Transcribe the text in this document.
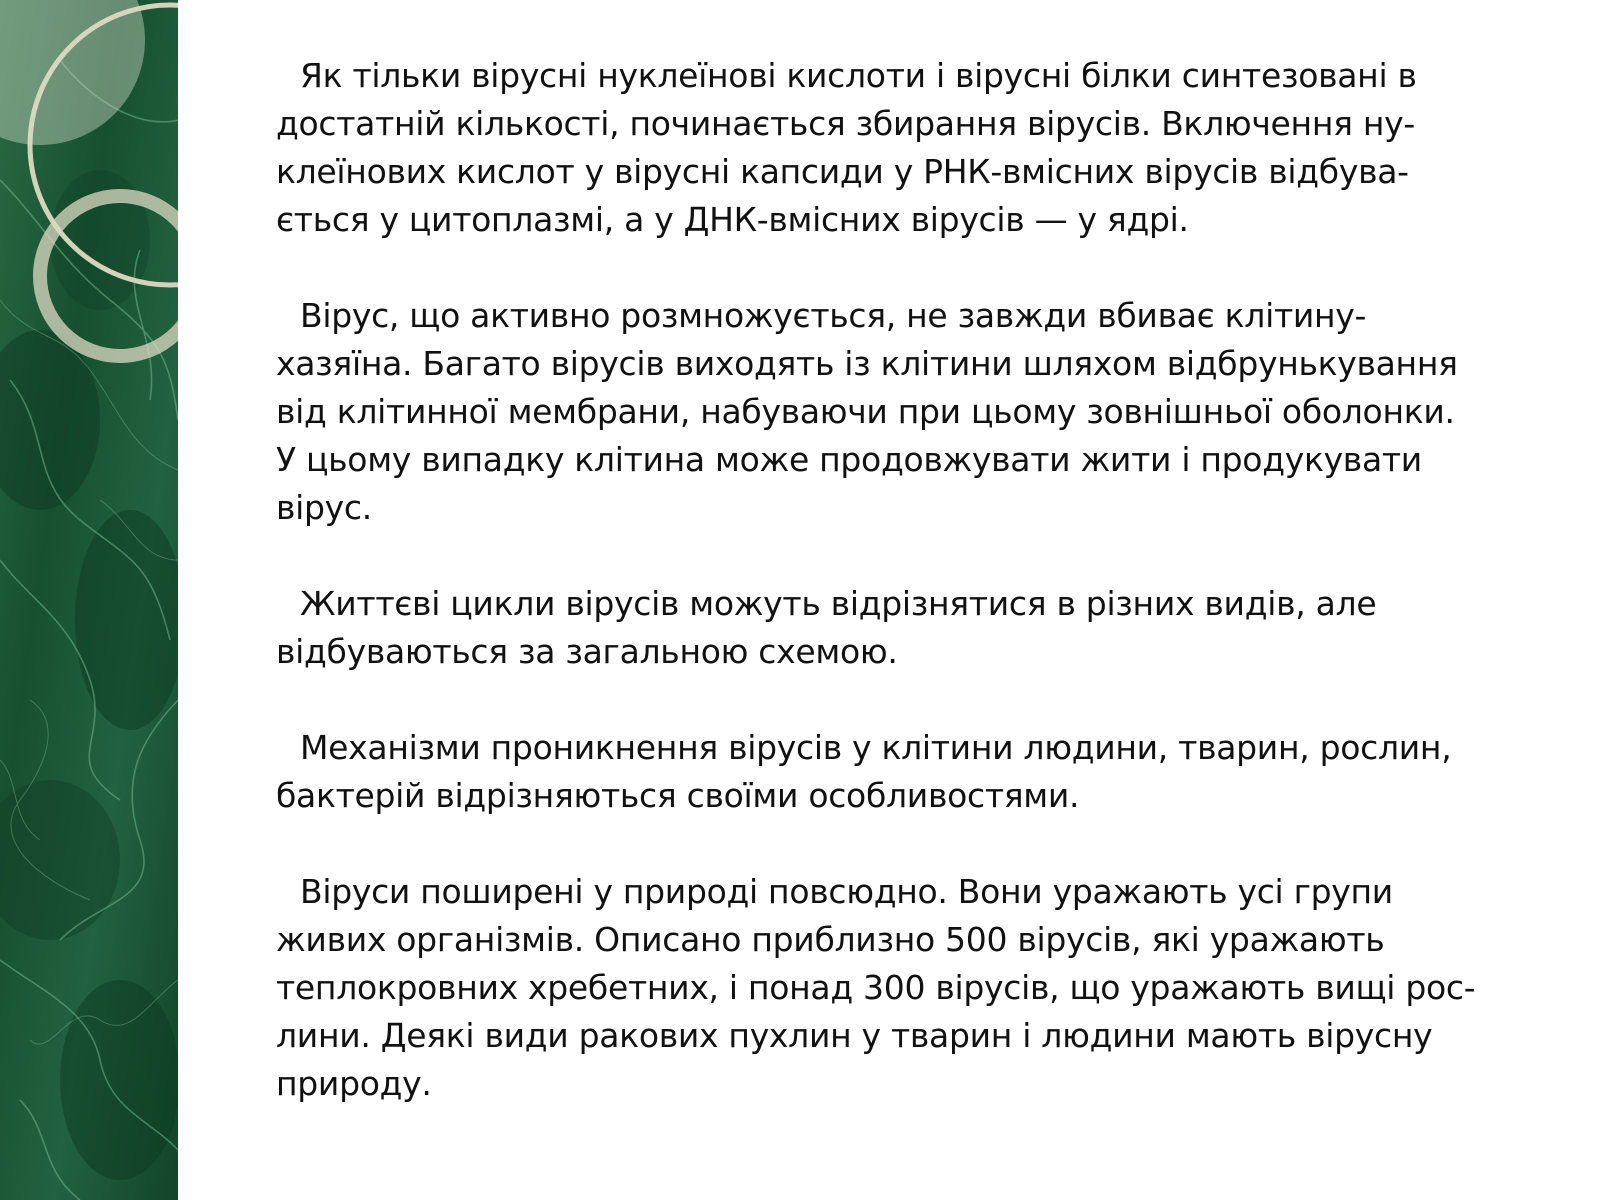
Як тільки вірусні нуклеїнові кислоти і вірусні білки синтезовані в
достатній кількості, починається збирання вірусів. Включення ну-
клеїнових кислот у вірусні капсиди у РНК-вмісних вірусів відбува-
ється у цитоплазмі, а у ДНК-вмісних вірусів — у ядрі.

Вірус, що активно розмножується, не завжди вбиває клітину-
хазяїна. Багато вірусів виходять із клітини шляхом відбрунькування
від клітинної мембрани, набуваючи при цьому зовнішньої оболонки.
У цьому випадку клітина може продовжувати жити і продукувати
вірус.

Життєві цикли вірусів можуть відрізнятися в різних видів, але
відбуваються за загальною схемою.

Механізми проникнення вірусів у клітини людини, тварин, рослин,
бактерій відрізняються своїми особливостями.

Віруси поширені у природі повсюдно. Вони уражають усі групи
живих організмів. Описано приблизно 500 вірусів, які уражають
теплокровних хребетних, і понад 300 вірусів, що уражають вищі рос-
лини. Деякі види ракових пухлин у тварин і людини мають вірусну
природу.
